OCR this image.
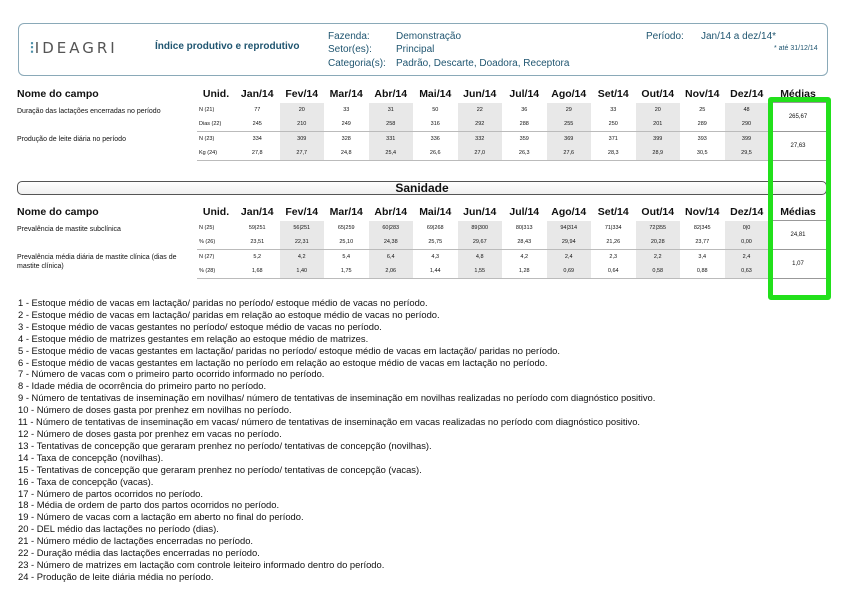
⫶IDEAGRI	Índice produtivo e reprodutivo
Fazenda:	Demonstração
Setor(es): Principal
Categoria(s): Padrão, Descarte, Doadora, Receptora
Período: Jan/14 a dez/14*
* até 31/12/14
Nome do campo	Unid.	Jan/14	Fev/14	Mar/14	Abr/14	Mai/14	Jun/14	Jul/14	Ago/14	Set/14	Out/14	Nov/14	Dez/14	Médias
Duração das lactações encerradas no período	N (21)	77	20	33	31	50	22	36	29	33	20	25	48	265,67
	Dias (22)	245	210	249	258	316	292	288	255	250	201	289	290	
Produção de leite diária no período	N (23)	334	309	328	331	336	332	359	369	371	399	393	399	27,63
	Kg (24)	27,8	27,7	24,8	25,4	26,6	27,0	26,3	27,6	28,3	28,9	30,5	29,5	
Sanidade
Nome do campo	Unid.	Jan/14	Fev/14	Mar/14	Abr/14	Mai/14	Jun/14	Jul/14	Ago/14	Set/14	Out/14	Nov/14	Dez/14	Médias
Prevalência de mastite subclínica	N (25)	59|251	56|251	65|259	60|283	69|268	89|300	80|313	94|314	71|334	72|355	82|345	0|0	24,81
	% (26)	23,51	22,31	25,10	24,38	25,75	29,67	28,43	29,94	21,26	20,28	23,77	0,00	
Prevalência média diária de mastite clínica (dias de mastite clínica)	N (27)	5,2	4,2	5,4	6,4	4,3	4,8	4,2	2,4	2,3	2,2	3,4	2,4	1,07
	% (28)	1,68	1,40	1,75	2,06	1,44	1,55	1,28	0,69	0,64	0,58	0,88	0,63	
1 - Estoque médio de vacas em lactação/ paridas no período/ estoque médio de vacas no período.
2 - Estoque médio de vacas em lactação/ paridas em relação ao estoque médio de vacas no período.
3 - Estoque médio de vacas gestantes no período/ estoque médio de vacas no período.
4 - Estoque médio de matrizes gestantes em relação ao estoque médio de matrizes.
5 - Estoque médio de vacas gestantes em lactação/ paridas no período/ estoque médio de vacas em lactação/ paridas no período.
6 - Estoque médio de vacas gestantes em lactação no período em relação ao estoque médio de vacas em lactação no período.
7 - Número de vacas com o primeiro parto ocorrido informado no período.
8 - Idade média de ocorrência do primeiro parto no período.
9 - Número de tentativas de inseminação em novilhas/ número de tentativas de inseminação em novilhas realizadas no período com diagnóstico positivo.
10 - Número de doses gasta por prenhez em novilhas no período.
11 - Número de tentativas de inseminação em vacas/ número de tentativas de inseminação em vacas realizadas no período com diagnóstico positivo.
12 - Número de doses gasta por prenhez em vacas no período.
13 - Tentativas de concepção que geraram prenhez no período/ tentativas de concepção (novilhas).
14 - Taxa de concepção (novilhas).
15 - Tentativas de concepção que geraram prenhez no período/ tentativas de concepção (vacas).
16 - Taxa de concepção (vacas).
17 - Número de partos ocorridos no período.
18 - Média de ordem de parto dos partos ocorridos no período.
19 - Número de vacas com a lactação em aberto no final do período.
20 - DEL médio das lactações no período (dias).
21 - Número médio de lactações encerradas no período.
22 - Duração média das lactações encerradas no período.
23 - Número de matrizes em lactação com controle leiteiro informado dentro do período.
24 - Produção de leite diária média no período.
